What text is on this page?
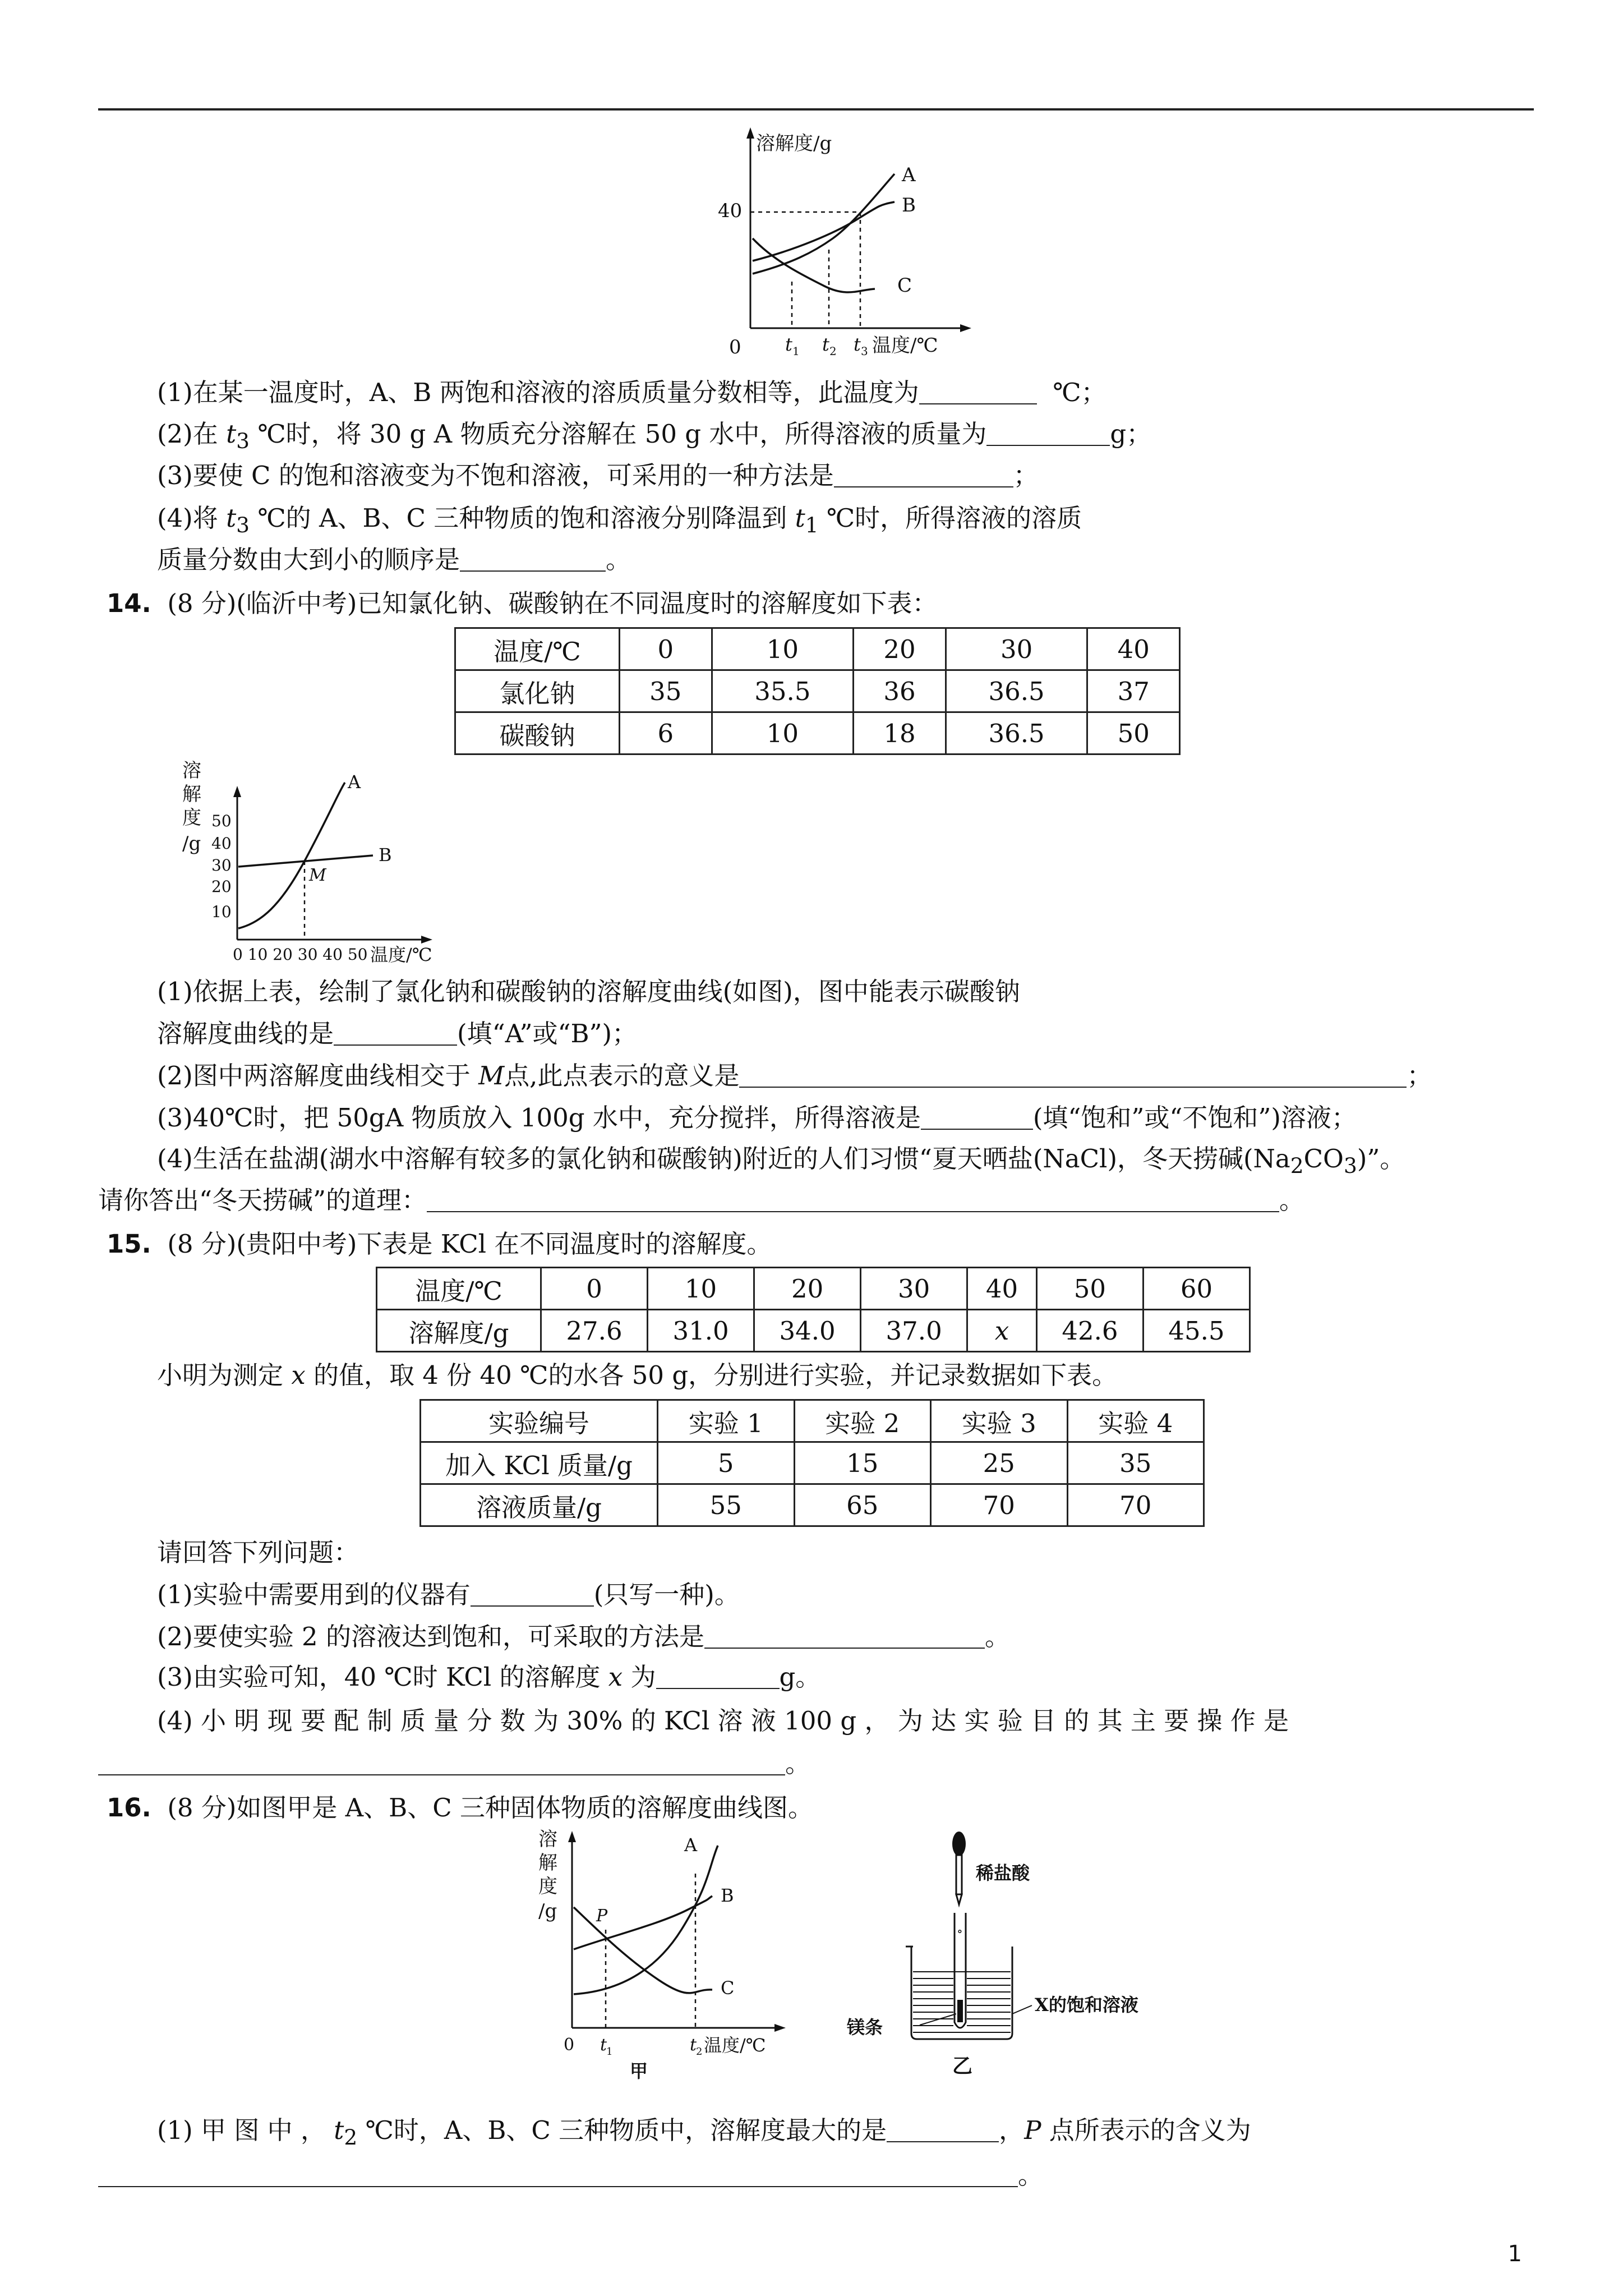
溶解度/g
0
40
A
B
C
t 1 t 2 t 3 温度/℃
(1)在某一温度时，A、B 两饱和溶液的溶质质量分数相等，此温度为	℃；
(2)在 $t_3$ ℃时，将 30 g A 物质充分溶解在 50 g 水中，所得溶液的质量为	g；
(3)要使 C 的饱和溶液变为不饱和溶液，可采用的一种方法是	；
(4)将 $t_3$ ℃的 A、B、C 三种物质的饱和溶液分别降温到 $t_1$ ℃时，所得溶液的溶质
质量分数由大到小的顺序是	。
14. (8 分)(临沂中考)已知氯化钠、碳酸钠在不同温度时的溶解度如下表：
温度/℃	0	10	20	30	40
氯化钠	35	35.5	36	36.5	37
碳酸钠	6	10	18	36.5	50
溶
解
度
/g
50
40
30
20
10
0 10 20 30 40 50 温度/℃
A
B
M
(1)依据上表，绘制了氯化钠和碳酸钠的溶解度曲线(如图)，图中能表示碳酸钠
溶解度曲线的是	(填“A”或“B”)；
(2)图中两溶解度曲线相交于 M点,此点表示的意义是	；
(3)40℃时，把 50gA 物质放入 100g 水中，充分搅拌，所得溶液是	(填“饱和”或“不饱和”)溶液；
(4)生活在盐湖(湖水中溶解有较多的氯化钠和碳酸钠)附近的人们习惯“夏天晒盐(NaCl)，冬天捞碱$(Na_2CO_3)$”。
请你答出“冬天捞碱”的道理：	。
15. (8 分)(贵阳中考)下表是 KCl 在不同温度时的溶解度。
温度/℃	0	10	20	30	40	50	60
溶解度/g	27.6	31.0	34.0	37.0	x	42.6	45.5
小明为测定 x 的值，取 4 份 40 ℃的水各 50 g，分别进行实验，并记录数据如下表。
实验编号	实验 1	实验 2	实验 3	实验 4
加入 KCl 质量/g	5	15	25	35
溶液质量/g	55	65	70	70
请回答下列问题：
(1)实验中需要用到的仪器有	(只写一种)。
(2)要使实验 2 的溶液达到饱和，可采取的方法是	。
(3)由实验可知，40 ℃时 KCl 的溶解度 x 为	g。
(4) 小 明 现 要 配 制 质 量 分 数 为 30% 的 KCl 溶 液 100 g ， 为 达 实 验 目 的 其 主 要 操 作 是
。
16. (8 分)如图甲是 A、B、C 三种固体物质的溶解度曲线图。
溶
解
度
/g
0
A
B
C
P
t
1	t
2 温度/℃
甲
稀盐酸
∘
镁条
X的饱和溶液
乙
(1) 甲 图 中 ， $t_2$ ℃时，A、B、C 三种物质中，溶解度最大的是	，P 点所表示的含义为
。
1
